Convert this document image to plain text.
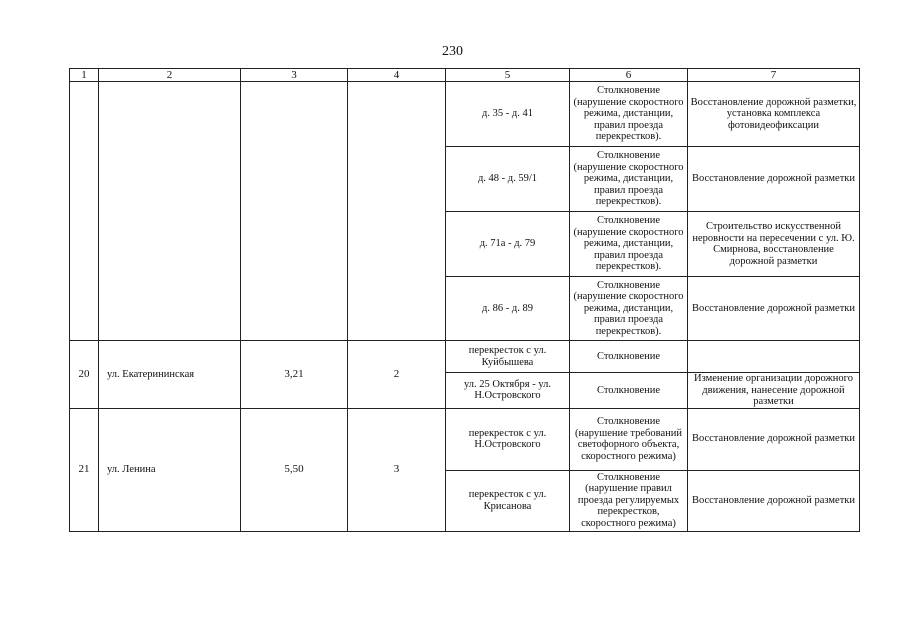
230
1	2	3	4	5	6	7
				д. 35 - д. 41	Столкновение (нарушение скоростного режима, дистанции, правил проезда перекрестков).	Восстановление дорожной разметки, установка комплекса фотовидеофиксации
				д. 48 - д. 59/1	Столкновение (нарушение скоростного режима, дистанции, правил проезда перекрестков).	Восстановление дорожной разметки
				д. 71а - д. 79	Столкновение (нарушение скоростного режима, дистанции, правил проезда перекрестков).	Строительство искусственной неровности на пересечении с ул. Ю. Смирнова, восстановление дорожной разметки
				д. 86 - д. 89	Столкновение (нарушение скоростного режима, дистанции, правил проезда перекрестков).	Восстановление дорожной разметки
20	ул. Екатерининская	3,21	2	перекресток с ул. Куйбышева	Столкновение	
				ул. 25 Октября - ул. Н.Островского	Столкновение	Изменение организации дорожного движения, нанесение дорожной разметки
21	ул. Ленина	5,50	3	перекресток с ул. Н.Островского	Столкновение (нарушение требований светофорного объекта, скоростного режима)	Восстановление дорожной разметки
				перекресток с ул. Крисанова	Столкновение (нарушение правил проезда регулируемых перекрестков, скоростного режима)	Восстановление дорожной разметки
